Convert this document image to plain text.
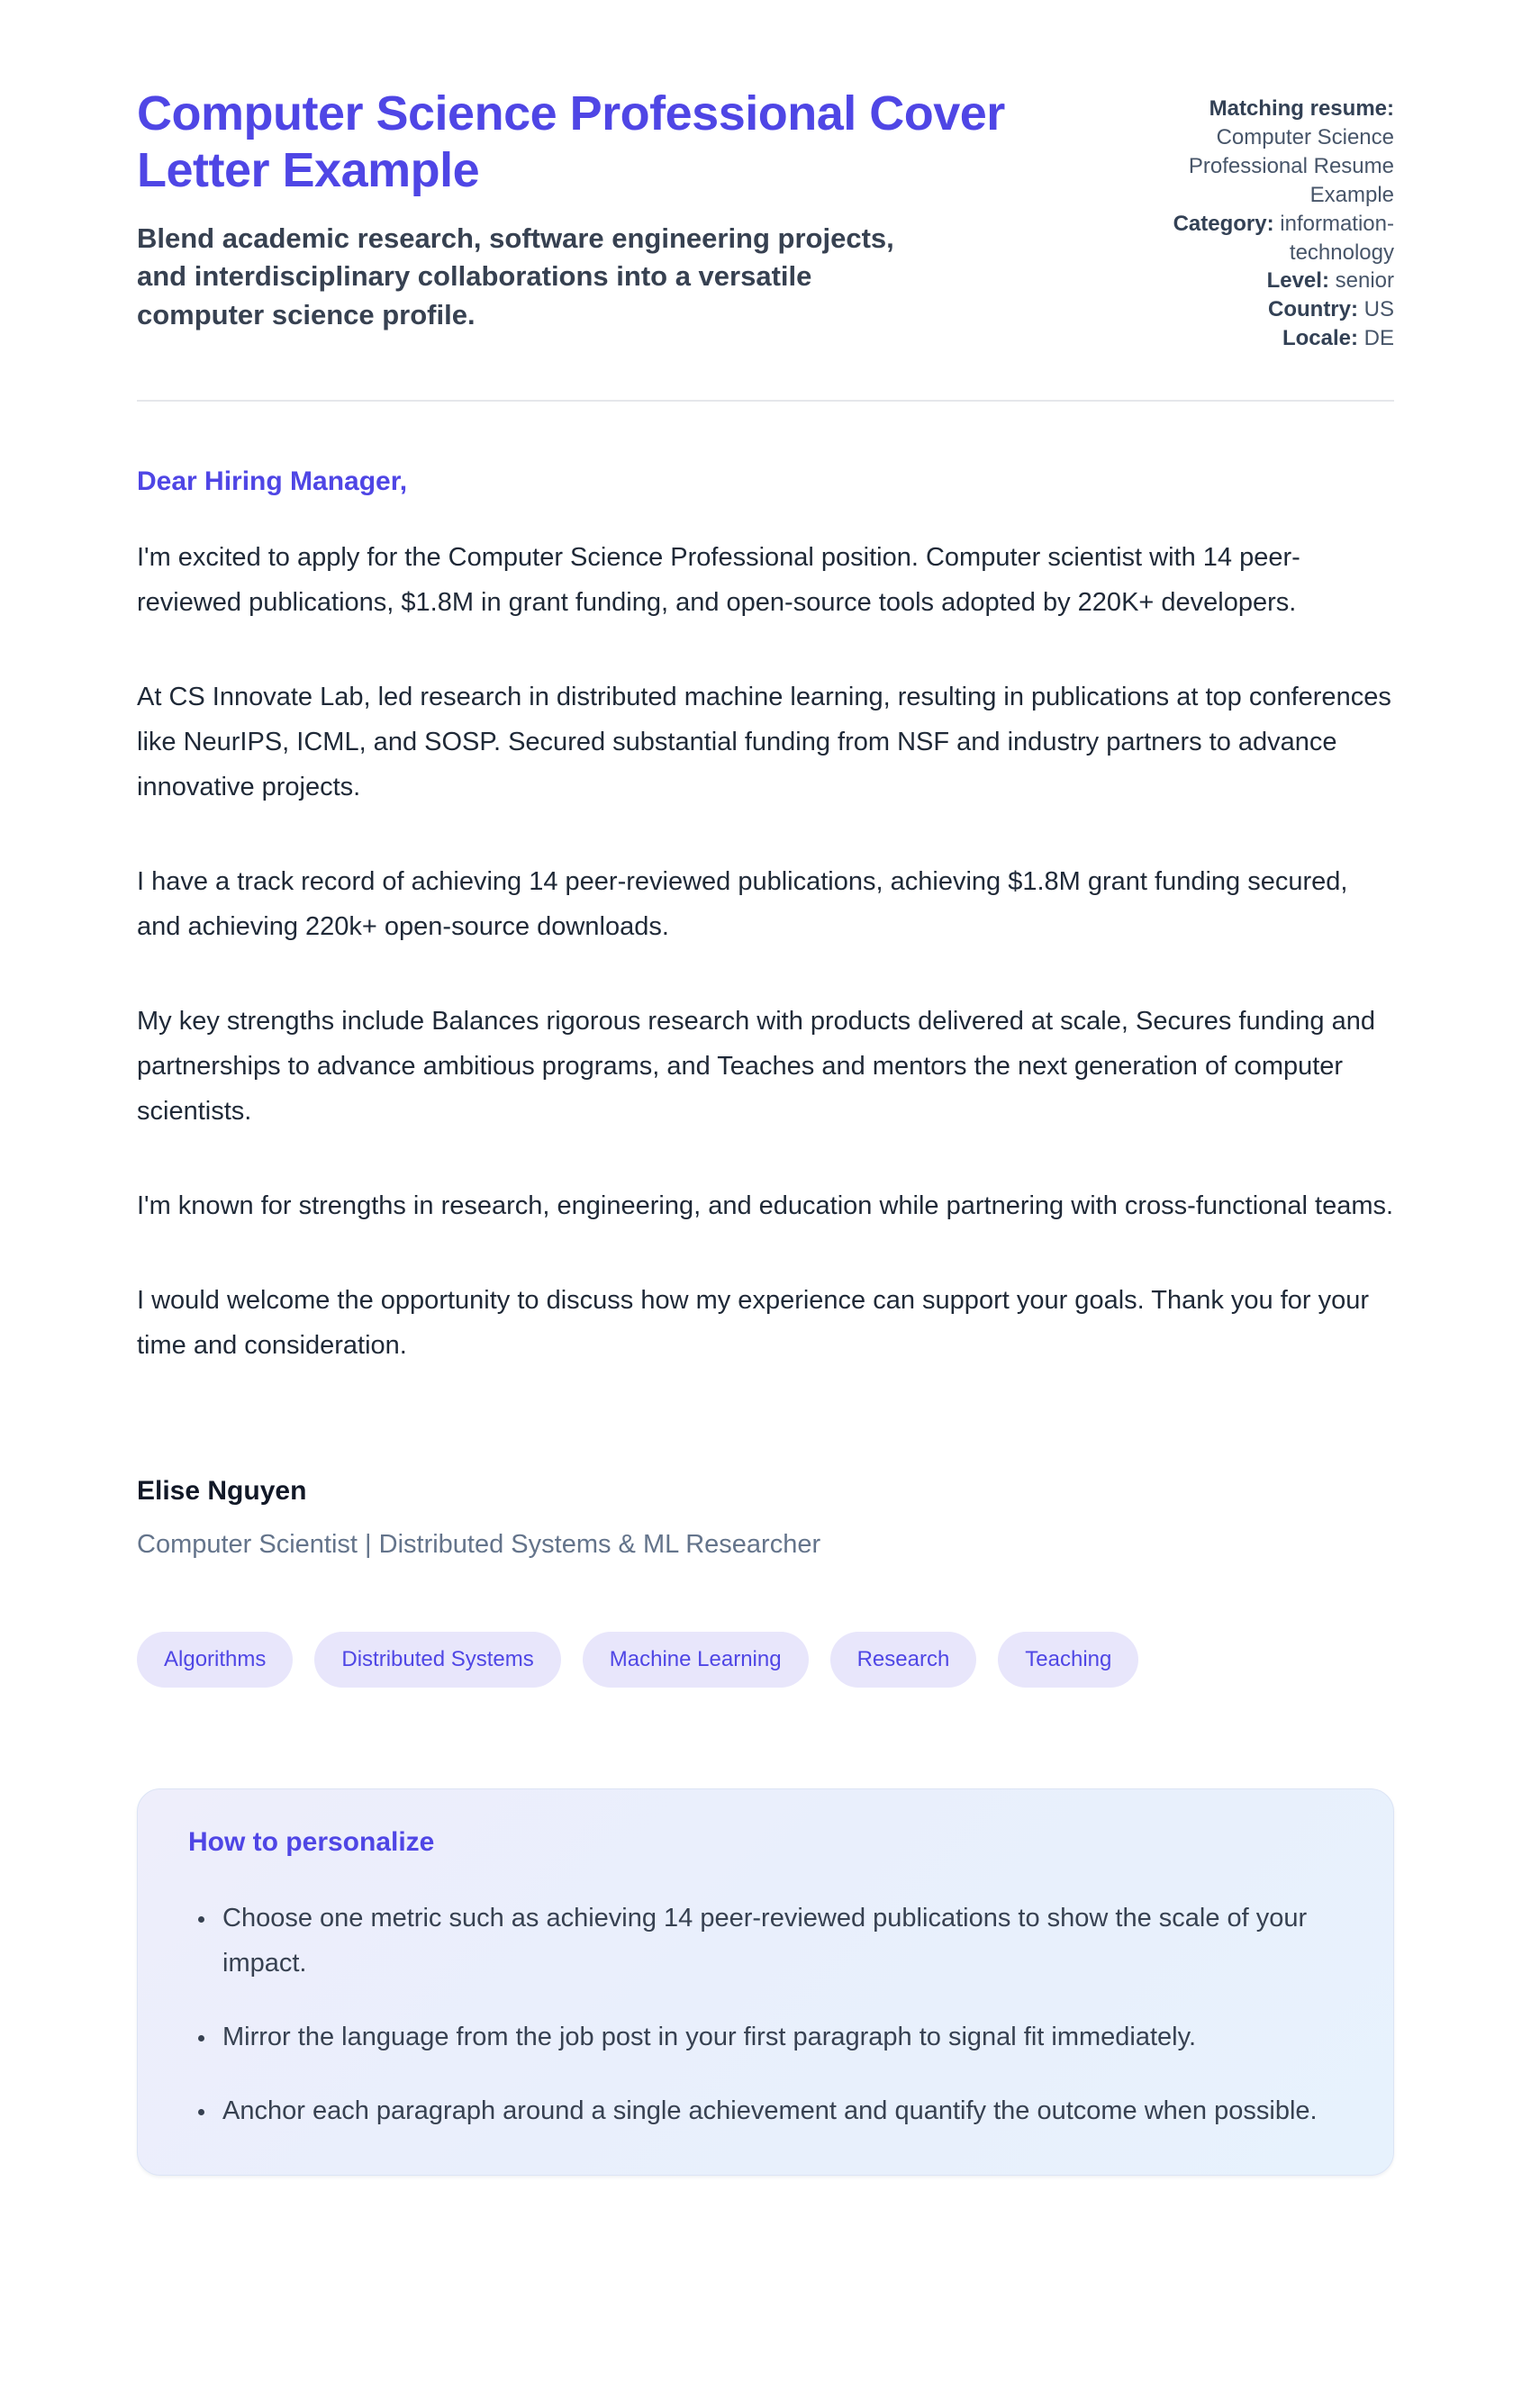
Computer Science Professional Cover Letter Example

Blend academic research, software engineering projects, and interdisciplinary collaborations into a versatile computer science profile.

Matching resume: Computer Science Professional Resume Example
Category: information-technology
Level: senior
Country: US
Locale: DE

Dear Hiring Manager,

I'm excited to apply for the Computer Science Professional position. Computer scientist with 14 peer-reviewed publications, $1.8M in grant funding, and open-source tools adopted by 220K+ developers.

At CS Innovate Lab, led research in distributed machine learning, resulting in publications at top conferences like NeurIPS, ICML, and SOSP. Secured substantial funding from NSF and industry partners to advance innovative projects.

I have a track record of achieving 14 peer-reviewed publications, achieving $1.8M grant funding secured, and achieving 220k+ open-source downloads.

My key strengths include Balances rigorous research with products delivered at scale, Secures funding and partnerships to advance ambitious programs, and Teaches and mentors the next generation of computer scientists.

I'm known for strengths in research, engineering, and education while partnering with cross-functional teams.

I would welcome the opportunity to discuss how my experience can support your goals. Thank you for your time and consideration.

Elise Nguyen

Computer Scientist | Distributed Systems & ML Researcher

Algorithms	Distributed Systems	Machine Learning	Research	Teaching
How to personalize
• Choose one metric such as achieving 14 peer-reviewed publications to show the scale of your impact.
• Mirror the language from the job post in your first paragraph to signal fit immediately.
• Anchor each paragraph around a single achievement and quantify the outcome when possible.
